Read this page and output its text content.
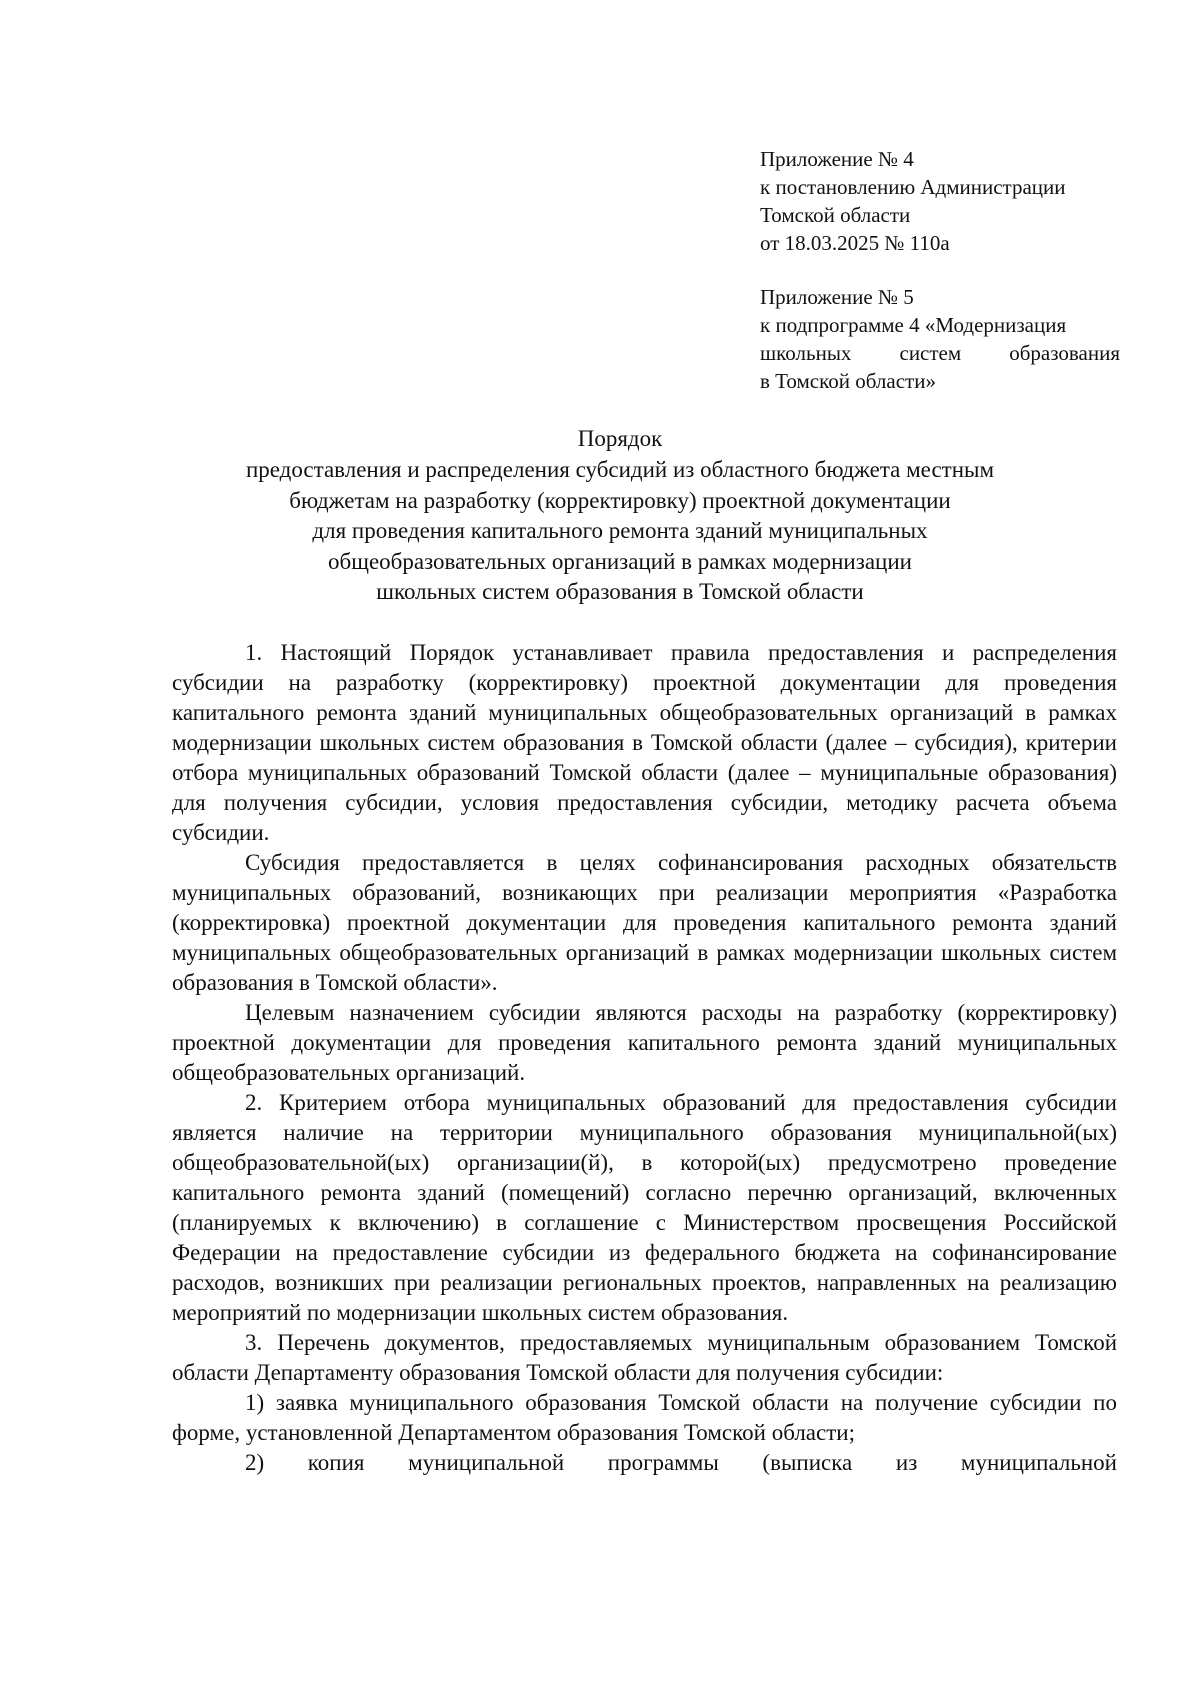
Приложение № 4
к постановлению Администрации
Томской области
от 18.03.2025 № 110а
Приложение № 5
к подпрограмме 4 «Модернизация
школьных систем образования
в Томской области»
Порядок
предоставления и распределения субсидий из областного бюджета местным
бюджетам на разработку (корректировку) проектной документации
для проведения капитального ремонта зданий муниципальных
общеобразовательных организаций в рамках модернизации
школьных систем образования в Томской области

1. Настоящий Порядок устанавливает правила предоставления и распределения субсидии на разработку (корректировку) проектной документации для проведения капитального ремонта зданий муниципальных общеобразовательных организаций в рамках модернизации школьных систем образования в Томской области (далее – субсидия), критерии отбора муниципальных образований Томской области (далее – муниципальные образования) для получения субсидии, условия предоставления субсидии, методику расчета объема субсидии.

Субсидия предоставляется в целях софинансирования расходных обязательств муниципальных образований, возникающих при реализации мероприятия «Разработка (корректировка) проектной документации для проведения капитального ремонта зданий муниципальных общеобразовательных организаций в рамках модернизации школьных систем образования в Томской области».

Целевым назначением субсидии являются расходы на разработку (корректировку) проектной документации для проведения капитального ремонта зданий муниципальных общеобразовательных организаций.

2. Критерием отбора муниципальных образований для предоставления субсидии является наличие на территории муниципального образования муниципальной(ых) общеобразовательной(ых) организации(й), в которой(ых) предусмотрено проведение капитального ремонта зданий (помещений) согласно перечню организаций, включенных (планируемых к включению) в соглашение с Министерством просвещения Российской Федерации на предоставление субсидии из федерального бюджета на софинансирование расходов, возникших при реализации региональных проектов, направленных на реализацию мероприятий по модернизации школьных систем образования.

3. Перечень документов, предоставляемых муниципальным образованием Томской области Департаменту образования Томской области для получения субсидии:

1) заявка муниципального образования Томской области на получение субсидии по форме, установленной Департаментом образования Томской области;

2) копия муниципальной программы (выписка из муниципальной
